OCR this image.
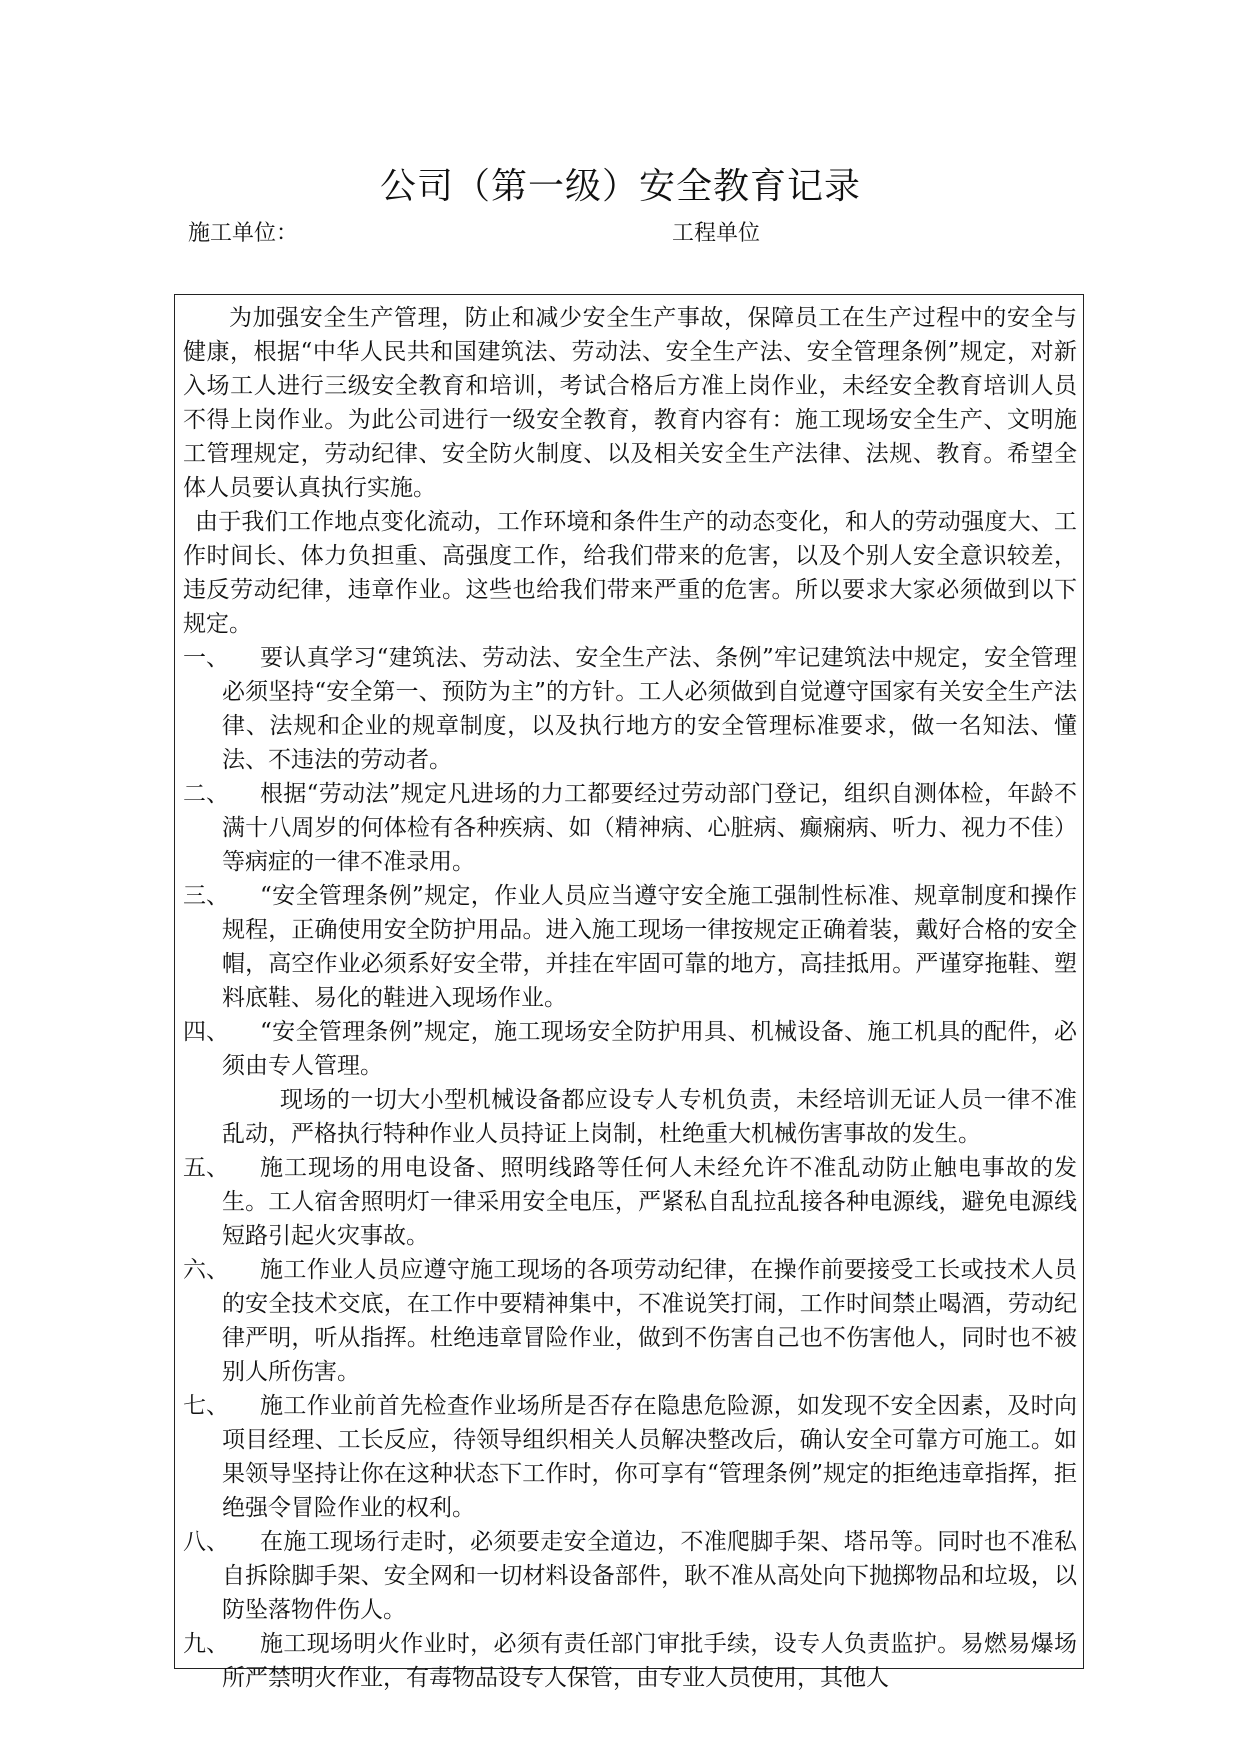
公司（第一级）安全教育记录
施工单位：	工程单位

为加强安全生产管理，防止和减少安全生产事故，保障员工在生产过程中的安全与健康，根据“中华人民共和国建筑法、劳动法、安全生产法、安全管理条例”规定，对新入场工人进行三级安全教育和培训，考试合格后方准上岗作业，未经安全教育培训人员不得上岗作业。为此公司进行一级安全教育，教育内容有：施工现场安全生产、文明施工管理规定，劳动纪律、安全防火制度、以及相关安全生产法律、法规、教育。希望全体人员要认真执行实施。

由于我们工作地点变化流动，工作环境和条件生产的动态变化，和人的劳动强度大、工作时间长、体力负担重、高强度工作，给我们带来的危害，以及个别人安全意识较差，违反劳动纪律，违章作业。这些也给我们带来严重的危害。所以要求大家必须做到以下规定。

一、	要认真学习“建筑法、劳动法、安全生产法、条例”牢记建筑法中规定，安全管理必须坚持“安全第一、预防为主”的方针。工人必须做到自觉遵守国家有关安全生产法律、法规和企业的规章制度，以及执行地方的安全管理标准要求，做一名知法、懂法、不违法的劳动者。
二、	根据“劳动法”规定凡进场的力工都要经过劳动部门登记，组织自测体检，年龄不满十八周岁的何体检有各种疾病、如（精神病、心脏病、癫痫病、听力、视力不佳）等病症的一律不准录用。
三、	“安全管理条例”规定，作业人员应当遵守安全施工强制性标准、规章制度和操作规程，正确使用安全防护用品。进入施工现场一律按规定正确着装，戴好合格的安全帽，高空作业必须系好安全带，并挂在牢固可靠的地方，高挂抵用。严谨穿拖鞋、塑料底鞋、易化的鞋进入现场作业。
四、	“安全管理条例”规定，施工现场安全防护用具、机械设备、施工机具的配件，必须由专人管理。

现场的一切大小型机械设备都应设专人专机负责，未经培训无证人员一律不准乱动，严格执行特种作业人员持证上岗制，杜绝重大机械伤害事故的发生。

五、	施工现场的用电设备、照明线路等任何人未经允许不准乱动防止触电事故的发生。工人宿舍照明灯一律采用安全电压，严紧私自乱拉乱接各种电源线，避免电源线短路引起火灾事故。
六、	施工作业人员应遵守施工现场的各项劳动纪律，在操作前要接受工长或技术人员的安全技术交底，在工作中要精神集中，不准说笑打闹，工作时间禁止喝酒，劳动纪律严明，听从指挥。杜绝违章冒险作业，做到不伤害自己也不伤害他人，同时也不被别人所伤害。
七、	施工作业前首先检查作业场所是否存在隐患危险源，如发现不安全因素，及时向项目经理、工长反应，待领导组织相关人员解决整改后，确认安全可靠方可施工。如果领导坚持让你在这种状态下工作时，你可享有“管理条例”规定的拒绝违章指挥，拒绝强令冒险作业的权利。
八、	在施工现场行走时，必须要走安全道边，不准爬脚手架、塔吊等。同时也不准私自拆除脚手架、安全网和一切材料设备部件，耿不准从高处向下抛掷物品和垃圾，以防坠落物件伤人。
九、	施工现场明火作业时，必须有责任部门审批手续，设专人负责监护。易燃易爆场所严禁明火作业，有毒物品设专人保管，由专业人员使用，其他人
